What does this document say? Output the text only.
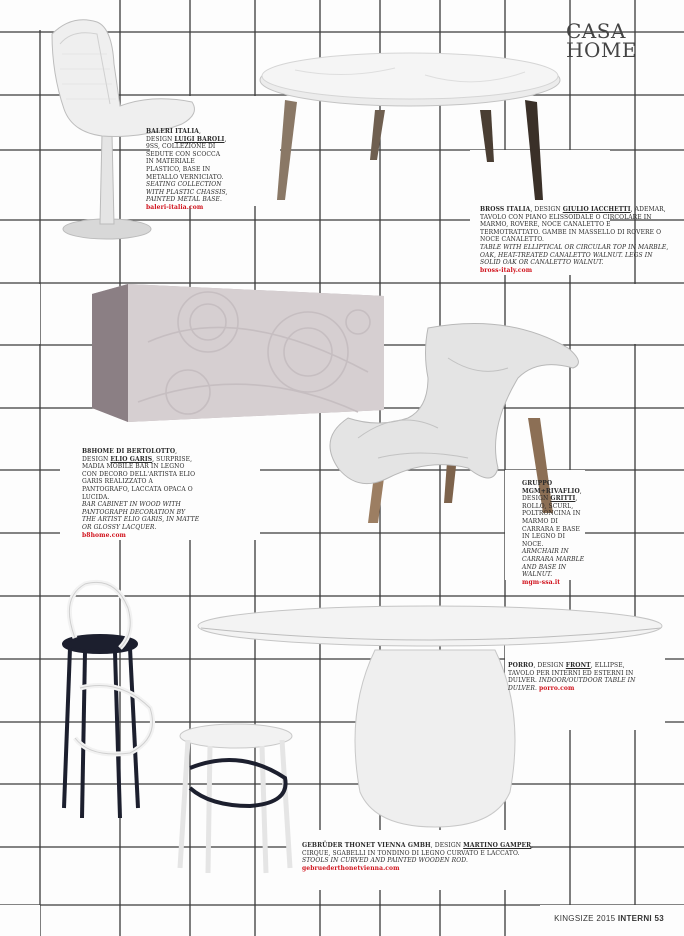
CASA
HOME
BALERI ITALIA, DESIGN LUIGI BAROLI, 9SS, COLLEZIONE DI SEDUTE CON SCOCCA IN MATERIALE PLASTICO, BASE IN METALLO VERNICIATO.
SEATING COLLECTION WITH PLASTIC CHASSIS, PAINTED METAL BASE.
baleri-italia.com	BROSS ITALIA, DESIGN GIULIO IACCHETTI, ADEMAR, TAVOLO CON PIANO ELISSOIDALE O CIRCOLARE IN MARMO, ROVERE, NOCE CANALETTO E TERMOTRATTATO. GAMBE IN MASSELLO DI ROVERE O NOCE CANALETTO.
TABLE WITH ELLIPTICAL OR CIRCULAR TOP IN MARBLE, OAK, HEAT-TREATED CANALETTO WALNUT. LEGS IN SOLID OAK OR CANALETTO WALNUT.
bross-italy.com
B8HOME DI BERTOLOTTO, DESIGN ELIO GARIS, SURPRISE, MADIA MOBILE BAR IN LEGNO CON DECORO DELL'ARTISTA ELIO GARIS REALIZZATO A PANTOGRAFO, LACCATA OPACA O LUCIDA.
BAR CABINET IN WOOD WITH PANTOGRAPH DECORATION BY THE ARTIST ELIO GARIS, IN MATTE OR GLOSSY LACQUER.
b8home.com
GRUPPO MGM+RIVAFLIO, DESIGN GRITTI, ROLLO, SCURL, POLTRONCINA IN MARMO DI CARRARA E BASE IN LEGNO DI NOCE.
ARMCHAIR IN CARRARA MARBLE AND BASE IN WALNUT.
mgm-ssa.it
PORRO, DESIGN FRONT, ELLIPSE, TAVOLO PER INTERNI ED ESTERNI IN DULVER. INDOOR/OUTDOOR TABLE IN DULVER. porro.com
GEBRÜDER THONET VIENNA GMBH, DESIGN MARTINO GAMPER, CIRQUE, SGABELLI IN TONDINO DI LEGNO CURVATO E LACCATO. STOOLS IN CURVED AND PAINTED WOODEN ROD. gebruederthonetvienna.com
KINGSIZE 2015 INTERNI 53
